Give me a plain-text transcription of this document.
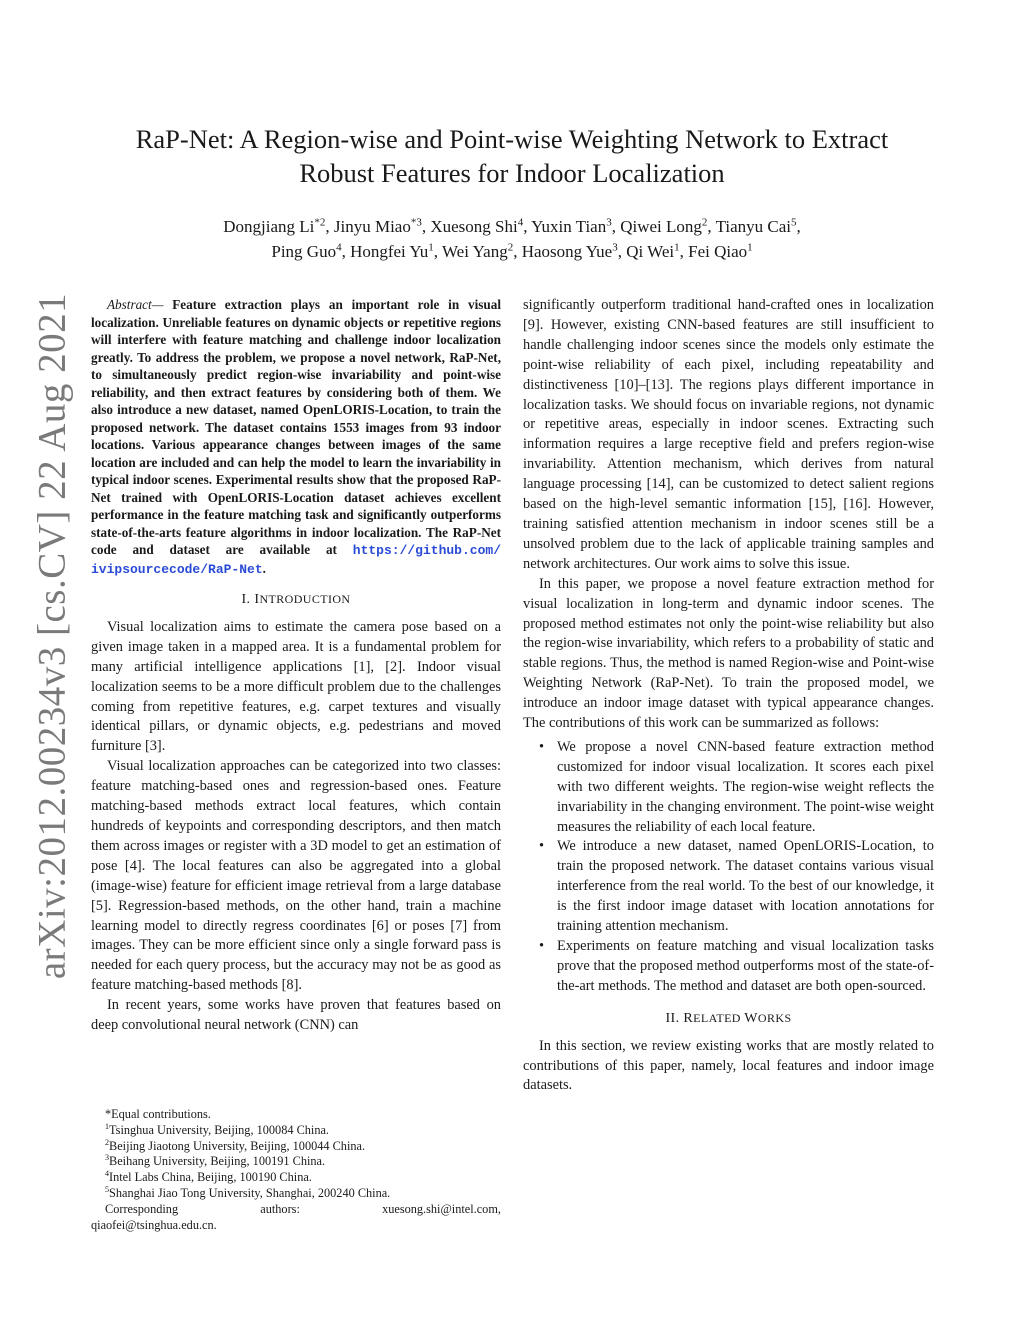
arXiv:2012.00234v3 [cs.CV] 22 Aug 2021
RaP-Net: A Region-wise and Point-wise Weighting Network to Extract
Robust Features for Indoor Localization
Dongjiang Li$^{*2}$, Jinyu Miao$^{*3}$, Xuesong Shi$^4$, Yuxin Tian$^3$, Qiwei Long$^2$, Tianyu Cai$^5$,
Ping Guo$^4$, Hongfei Yu$^1$, Wei Yang$^2$, Haosong Yue$^3$, Qi Wei$^1$, Fei Qiao$^1$

Abstract— Feature extraction plays an important role in visual localization. Unreliable features on dynamic objects or repetitive regions will interfere with feature matching and challenge indoor localization greatly. To address the problem, we propose a novel network, RaP-Net, to simultaneously predict region-wise invariability and point-wise reliability, and then extract features by considering both of them. We also introduce a new dataset, named OpenLORIS-Location, to train the proposed network. The dataset contains 1553 images from 93 indoor locations. Various appearance changes between images of the same location are included and can help the model to learn the invariability in typical indoor scenes. Experimental results show that the proposed RaP-Net trained with OpenLORIS-Location dataset achieves excellent performance in the feature matching task and significantly outperforms state-of-the-arts feature algorithms in indoor localization. The RaP-Net code and dataset are available at https://github.com/ ivipsourcecode/RaP-Net.

I. INTRODUCTION

Visual localization aims to estimate the camera pose based on a given image taken in a mapped area. It is a fundamental problem for many artificial intelligence applications [1], [2]. Indoor visual localization seems to be a more difficult problem due to the challenges coming from repetitive features, e.g. carpet textures and visually identical pillars, or dynamic objects, e.g. pedestrians and moved furniture [3].

Visual localization approaches can be categorized into two classes: feature matching-based ones and regression-based ones. Feature matching-based methods extract local features, which contain hundreds of keypoints and corresponding descriptors, and then match them across images or register with a 3D model to get an estimation of pose [4]. The local features can also be aggregated into a global (image-wise) feature for efficient image retrieval from a large database [5]. Regression-based methods, on the other hand, train a machine learning model to directly regress coordinates [6] or poses [7] from images. They can be more efficient since only a single forward pass is needed for each query process, but the accuracy may not be as good as feature matching-based methods [8].

In recent years, some works have proven that features based on deep convolutional neural network (CNN) can

*Equal contributions.

$^1$Tsinghua University, Beijing, 100084 China.

$^2$Beijing Jiaotong University, Beijing, 100044 China.

$^3$Beihang University, Beijing, 100191 China.

$^4$Intel Labs China, Beijing, 100190 China.

$^5$Shanghai Jiao Tong University, Shanghai, 200240 China.

Corresponding	authors:	xuesong.shi@intel.com,
qiaofei@tsinghua.edu.cn.

significantly outperform traditional hand-crafted ones in localization [9]. However, existing CNN-based features are still insufficient to handle challenging indoor scenes since the models only estimate the point-wise reliability of each pixel, including repeatability and distinctiveness [10]–[13]. The regions plays different importance in localization tasks. We should focus on invariable regions, not dynamic or repetitive areas, especially in indoor scenes. Extracting such information requires a large receptive field and prefers region-wise invariability. Attention mechanism, which derives from natural language processing [14], can be customized to detect salient regions based on the high-level semantic information [15], [16]. However, training satisfied attention mechanism in indoor scenes still be a unsolved problem due to the lack of applicable training samples and network architectures. Our work aims to solve this issue.

In this paper, we propose a novel feature extraction method for visual localization in long-term and dynamic indoor scenes. The proposed method estimates not only the point-wise reliability but also the region-wise invariability, which refers to a probability of static and stable regions. Thus, the method is named Region-wise and Point-wise Weighting Network (RaP-Net). To train the proposed model, we introduce an indoor image dataset with typical appearance changes. The contributions of this work can be summarized as follows:

• We propose a novel CNN-based feature extraction method customized for indoor visual localization. It scores each pixel with two different weights. The region-wise weight reflects the invariability in the changing environment. The point-wise weight measures the reliability of each local feature.
• We introduce a new dataset, named OpenLORIS-Location, to train the proposed network. The dataset contains various visual interference from the real world. To the best of our knowledge, it is the first indoor image dataset with location annotations for training attention mechanism.
• Experiments on feature matching and visual localization tasks prove that the proposed method outperforms most of the state-of-the-art methods. The method and dataset are both open-sourced.
II. RELATED WORKS

In this section, we review existing works that are mostly related to contributions of this paper, namely, local features and indoor image datasets.
